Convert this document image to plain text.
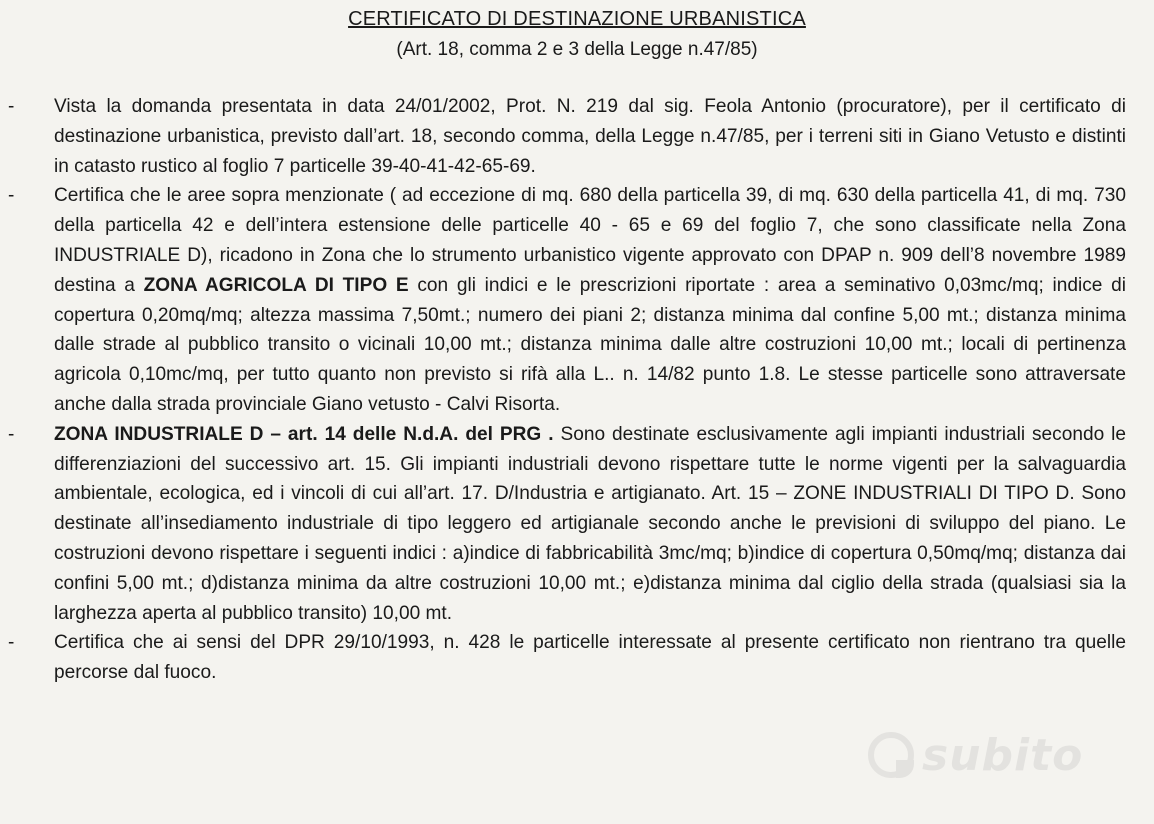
CERTIFICATO DI DESTINAZIONE URBANISTICA
(Art. 18, comma 2 e 3 della Legge n.47/85)
- Vista la domanda presentata in data 24/01/2002, Prot. N. 219 dal sig. Feola Antonio (procuratore), per il certificato di destinazione urbanistica, previsto dall’art. 18, secondo comma, della Legge n.47/85, per i terreni siti in Giano Vetusto e distinti in catasto rustico al foglio 7 particelle 39-40-41-42-65-69.
- Certifica che le aree sopra menzionate ( ad eccezione di mq. 680 della particella 39, di mq. 630 della particella 41, di mq. 730 della particella 42 e dell’intera estensione delle particelle 40 - 65 e 69 del foglio 7, che sono classificate nella Zona INDUSTRIALE D), ricadono in Zona che lo strumento urbanistico vigente approvato con DPAP n. 909 dell’8 novembre 1989 destina a ZONA AGRICOLA DI TIPO E con gli indici e le prescrizioni riportate : area a seminativo 0,03mc/mq; indice di copertura 0,20mq/mq; altezza massima 7,50mt.; numero dei piani 2; distanza minima dal confine 5,00 mt.; distanza minima dalle strade al pubblico transito o vicinali 10,00 mt.; distanza minima dalle altre costruzioni 10,00 mt.; locali di pertinenza agricola 0,10mc/mq, per tutto quanto non previsto si rifà alla L.. n. 14/82 punto 1.8. Le stesse particelle sono attraversate anche dalla strada provinciale Giano vetusto - Calvi Risorta.
- ZONA INDUSTRIALE D – art. 14 delle N.d.A. del PRG . Sono destinate esclusivamente agli impianti industriali secondo le differenziazioni del successivo art. 15. Gli impianti industriali devono rispettare tutte le norme vigenti per la salvaguardia ambientale, ecologica, ed i vincoli di cui all’art. 17. D/Industria e artigianato. Art. 15 – ZONE INDUSTRIALI DI TIPO D. Sono destinate all’insediamento industriale di tipo leggero ed artigianale secondo anche le previsioni di sviluppo del piano. Le costruzioni devono rispettare i seguenti indici : a)indice di fabbricabilità 3mc/mq; b)indice di copertura 0,50mq/mq; distanza dai confini 5,00 mt.; d)distanza minima da altre costruzioni 10,00 mt.; e)distanza minima dal ciglio della strada (qualsiasi sia la larghezza aperta al pubblico transito) 10,00 mt.
- Certifica che ai sensi del DPR 29/10/1993, n. 428 le particelle interessate al presente certificato non rientrano tra quelle percorse dal fuoco.
subito
